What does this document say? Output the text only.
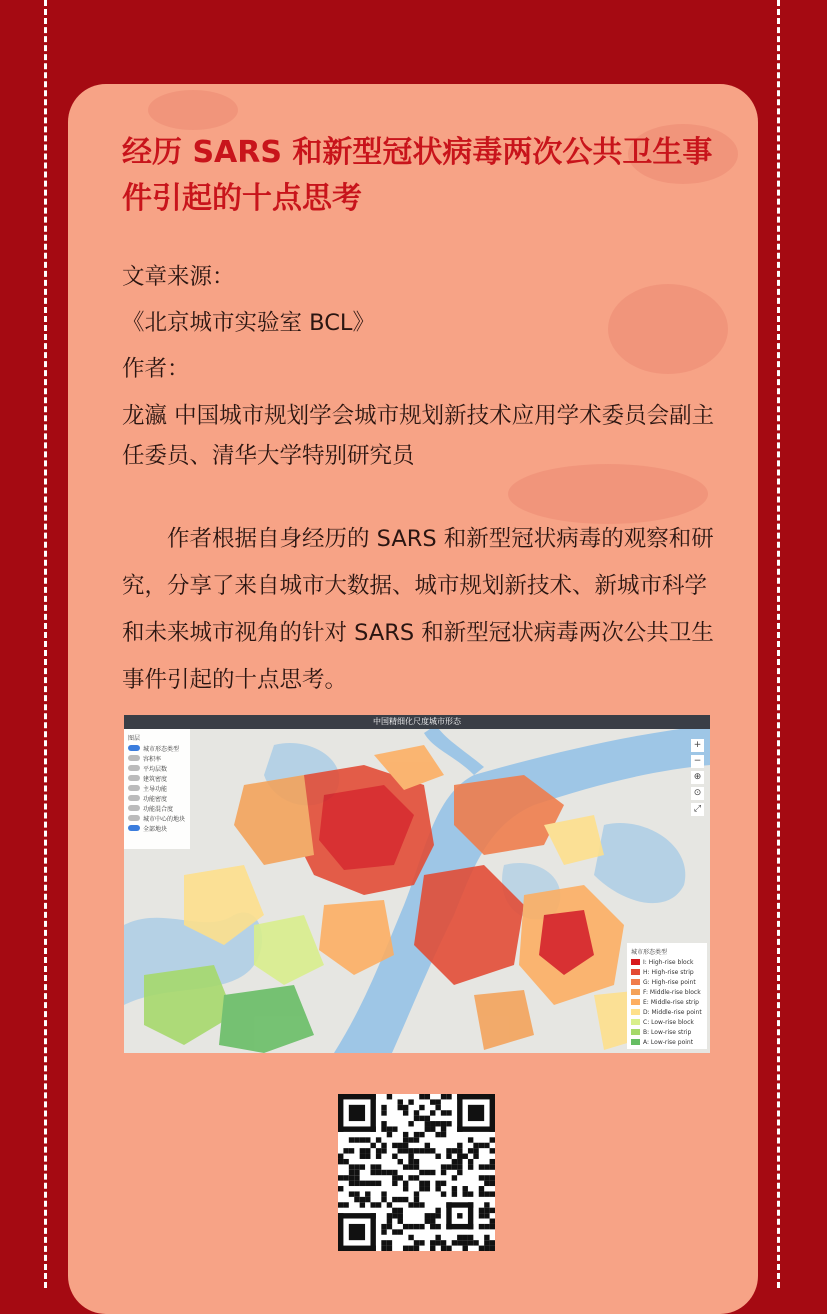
经历 SARS 和新型冠状病毒两次公共卫生事件引起的十点思考
文章来源：
《北京城市实验室 BCL》
作者：
龙瀛 中国城市规划学会城市规划新技术应用学术委员会副主任委员、清华大学特别研究员

作者根据自身经历的 SARS 和新型冠状病毒的观察和研究，分享了来自城市大数据、城市规划新技术、新城市科学和未来城市视角的针对 SARS 和新型冠状病毒两次公共卫生事件引起的十点思考。

中国精细化尺度城市形态
图层
城市形态类型
容积率
平均层数
建筑密度
主导功能
功能密度
功能混合度
城市中心的地块
全部地块
+
−
⊕
⊙
⤢
城市形态类型
I: High-rise block
H: High-rise strip
G: High-rise point
F: Middle-rise block
E: Middle-rise strip
D: Middle-rise point
C: Low-rise block
B: Low-rise strip
A: Low-rise point
